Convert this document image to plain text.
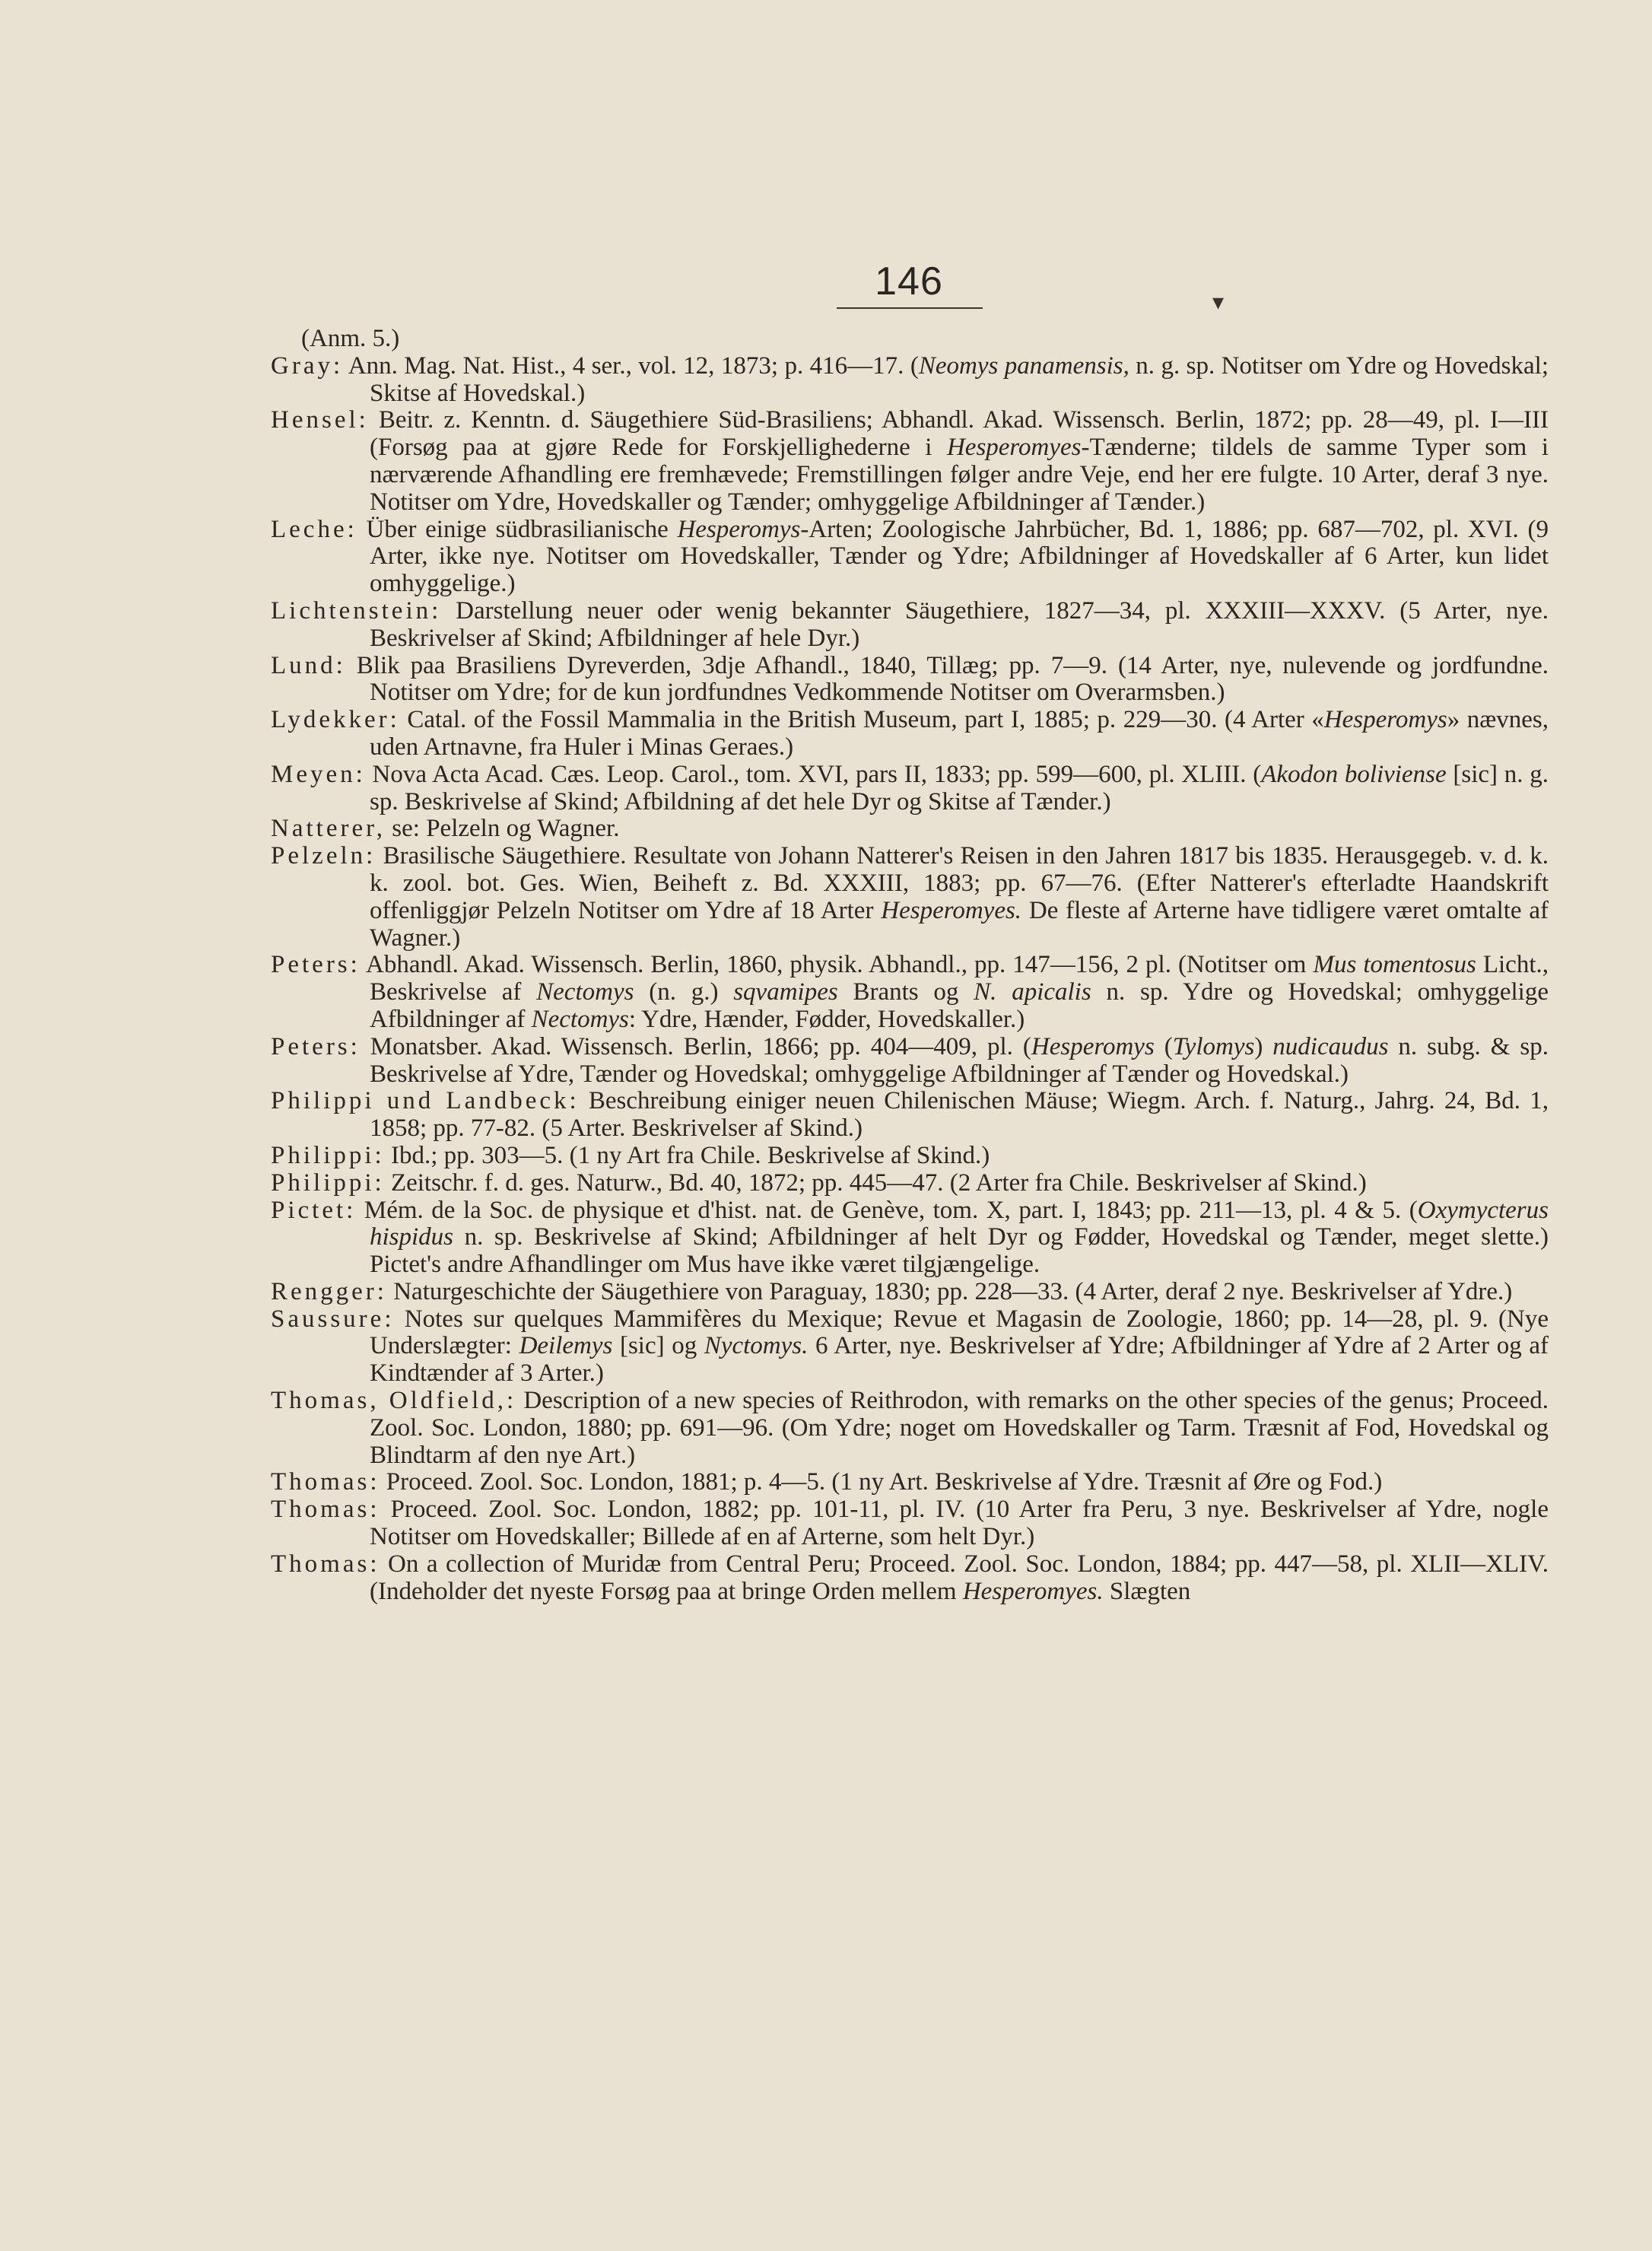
146	▾
(Anm. 5.)
Gray: Ann. Mag. Nat. Hist., 4 ser., vol. 12, 1873; p. 416—17. (Neomys panamensis, n. g. sp. Notitser om Ydre og Hovedskal; Skitse af Hovedskal.)
Hensel: Beitr. z. Kenntn. d. Säugethiere Süd-Brasiliens; Abhandl. Akad. Wissensch. Berlin, 1872; pp. 28—49, pl. I—III (Forsøg paa at gjøre Rede for Forskjellighederne i Hesperomyes-Tænderne; tildels de samme Typer som i nærværende Afhandling ere fremhævede; Fremstillingen følger andre Veje, end her ere fulgte. 10 Arter, deraf 3 nye. Notitser om Ydre, Hovedskaller og Tænder; omhyggelige Afbildninger af Tænder.)
Leche: Über einige südbrasilianische Hesperomys-Arten; Zoologische Jahrbücher, Bd. 1, 1886; pp. 687—702, pl. XVI. (9 Arter, ikke nye. Notitser om Hovedskaller, Tænder og Ydre; Afbildninger af Hovedskaller af 6 Arter, kun lidet omhyggelige.)
Lichtenstein: Darstellung neuer oder wenig bekannter Säugethiere, 1827—34, pl. XXXIII—XXXV. (5 Arter, nye. Beskrivelser af Skind; Afbildninger af hele Dyr.)
Lund: Blik paa Brasiliens Dyreverden, 3dje Afhandl., 1840, Tillæg; pp. 7—9. (14 Arter, nye, nulevende og jordfundne. Notitser om Ydre; for de kun jordfundnes Vedkommende Notitser om Overarmsben.)
Lydekker: Catal. of the Fossil Mammalia in the British Museum, part I, 1885; p. 229—30. (4 Arter «Hesperomys» nævnes, uden Artnavne, fra Huler i Minas Geraes.)
Meyen: Nova Acta Acad. Cæs. Leop. Carol., tom. XVI, pars II, 1833; pp. 599—600, pl. XLIII. (Akodon boliviense [sic] n. g. sp. Beskrivelse af Skind; Afbildning af det hele Dyr og Skitse af Tænder.)
Natterer, se: Pelzeln og Wagner.
Pelzeln: Brasilische Säugethiere. Resultate von Johann Natterer's Reisen in den Jahren 1817 bis 1835. Herausgegeb. v. d. k. k. zool. bot. Ges. Wien, Beiheft z. Bd. XXXIII, 1883; pp. 67—76. (Efter Natterer's efterladte Haandskrift offenliggjør Pelzeln Notitser om Ydre af 18 Arter Hesperomyes. De fleste af Arterne have tidligere været omtalte af Wagner.)
Peters: Abhandl. Akad. Wissensch. Berlin, 1860, physik. Abhandl., pp. 147—156, 2 pl. (Notitser om Mus tomentosus Licht., Beskrivelse af Nectomys (n. g.) sqvamipes Brants og N. apicalis n. sp. Ydre og Hovedskal; omhyggelige Afbildninger af Nectomys: Ydre, Hænder, Fødder, Hovedskaller.)
Peters: Monatsber. Akad. Wissensch. Berlin, 1866; pp. 404—409, pl. (Hesperomys (Tylomys) nudicaudus n. subg. & sp. Beskrivelse af Ydre, Tænder og Hovedskal; omhyggelige Afbildninger af Tænder og Hovedskal.)
Philippi und Landbeck: Beschreibung einiger neuen Chilenischen Mäuse; Wiegm. Arch. f. Naturg., Jahrg. 24, Bd. 1, 1858; pp. 77-82. (5 Arter. Beskrivelser af Skind.)
Philippi: Ibd.; pp. 303—5. (1 ny Art fra Chile. Beskrivelse af Skind.)
Philippi: Zeitschr. f. d. ges. Naturw., Bd. 40, 1872; pp. 445—47. (2 Arter fra Chile. Beskrivelser af Skind.)
Pictet: Mém. de la Soc. de physique et d'hist. nat. de Genève, tom. X, part. I, 1843; pp. 211—13, pl. 4 & 5. (Oxymycterus hispidus n. sp. Beskrivelse af Skind; Afbildninger af helt Dyr og Fødder, Hovedskal og Tænder, meget slette.) Pictet's andre Afhandlinger om Mus have ikke været tilgjængelige.
Rengger: Naturgeschichte der Säugethiere von Paraguay, 1830; pp. 228—33. (4 Arter, deraf 2 nye. Beskrivelser af Ydre.)
Saussure: Notes sur quelques Mammifères du Mexique; Revue et Magasin de Zoologie, 1860; pp. 14—28, pl. 9. (Nye Underslægter: Deilemys [sic] og Nyctomys. 6 Arter, nye. Beskrivelser af Ydre; Afbildninger af Ydre af 2 Arter og af Kindtænder af 3 Arter.)
Thomas, Oldfield,: Description of a new species of Reithrodon, with remarks on the other species of the genus; Proceed. Zool. Soc. London, 1880; pp. 691—96. (Om Ydre; noget om Hovedskaller og Tarm. Træsnit af Fod, Hovedskal og Blindtarm af den nye Art.)
Thomas: Proceed. Zool. Soc. London, 1881; p. 4—5. (1 ny Art. Beskrivelse af Ydre. Træsnit af Øre og Fod.)
Thomas: Proceed. Zool. Soc. London, 1882; pp. 101-11, pl. IV. (10 Arter fra Peru, 3 nye. Beskrivelser af Ydre, nogle Notitser om Hovedskaller; Billede af en af Arterne, som helt Dyr.)
Thomas: On a collection of Muridæ from Central Peru; Proceed. Zool. Soc. London, 1884; pp. 447—58, pl. XLII—XLIV. (Indeholder det nyeste Forsøg paa at bringe Orden mellem Hesperomyes. Slægten
